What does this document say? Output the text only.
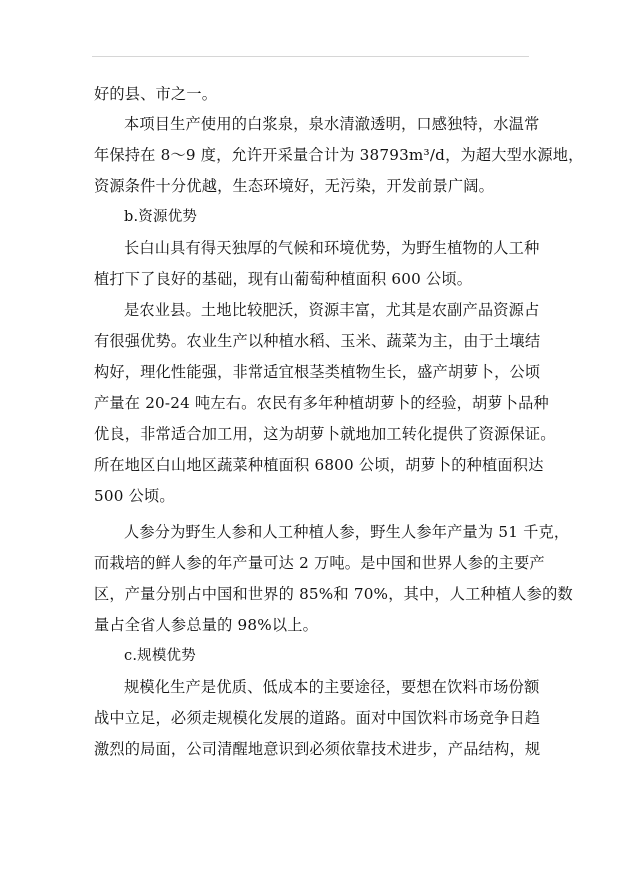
好的县、市之一。
本项目生产使用的白浆泉，泉水清澈透明，口感独特，水温常
年保持在 8～9 度，允许开采量合计为 38793m³/d，为超大型水源地，
资源条件十分优越，生态环境好，无污染，开发前景广阔。
b.资源优势
长白山具有得天独厚的气候和环境优势，为野生植物的人工种
植打下了良好的基础，现有山葡萄种植面积 600 公顷。
是农业县。土地比较肥沃，资源丰富，尤其是农副产品资源占
有很强优势。农业生产以种植水稻、玉米、蔬菜为主，由于土壤结
构好，理化性能强，非常适宜根茎类植物生长，盛产胡萝卜，公顷
产量在 20-24 吨左右。农民有多年种植胡萝卜的经验，胡萝卜品种
优良，非常适合加工用，这为胡萝卜就地加工转化提供了资源保证。
所在地区白山地区蔬菜种植面积 6800 公顷，胡萝卜的种植面积达
500 公顷。
人参分为野生人参和人工种植人参，野生人参年产量为 51 千克，
而栽培的鲜人参的年产量可达 2 万吨。是中国和世界人参的主要产
区，产量分别占中国和世界的 85%和 70%，其中，人工种植人参的数
量占全省人参总量的 98%以上。
c.规模优势
规模化生产是优质、低成本的主要途径，要想在饮料市场份额
战中立足，必须走规模化发展的道路。面对中国饮料市场竞争日趋
激烈的局面，公司清醒地意识到必须依靠技术进步，产品结构，规
